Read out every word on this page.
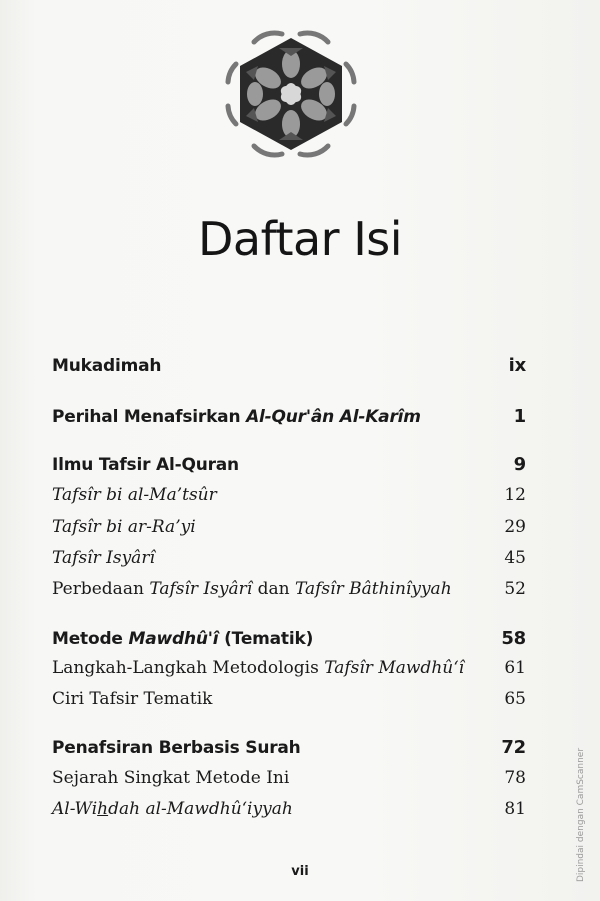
Daftar Isi
Mukadimah	ix
Perihal Menafsirkan Al-Qur'ân Al-Karîm	1
Ilmu Tafsir Al-Quran	9
Tafsîr bi al-Ma’tsûr	12
Tafsîr bi ar-Ra’yi	29
Tafsîr Isyârî	45
Perbedaan Tafsîr Isyârî dan Tafsîr Bâthinîyyah	52
Metode Mawdhû'î (Tematik)	58
Langkah-Langkah Metodologis Tafsîr Mawdhû‘î 61
Ciri Tafsir Tematik	65
Penafsiran Berbasis Surah	72
Sejarah Singkat Metode Ini	78
Al-Wihdah al-Mawdhû‘iyyah	81
vii	Dipindai dengan CamScanner
